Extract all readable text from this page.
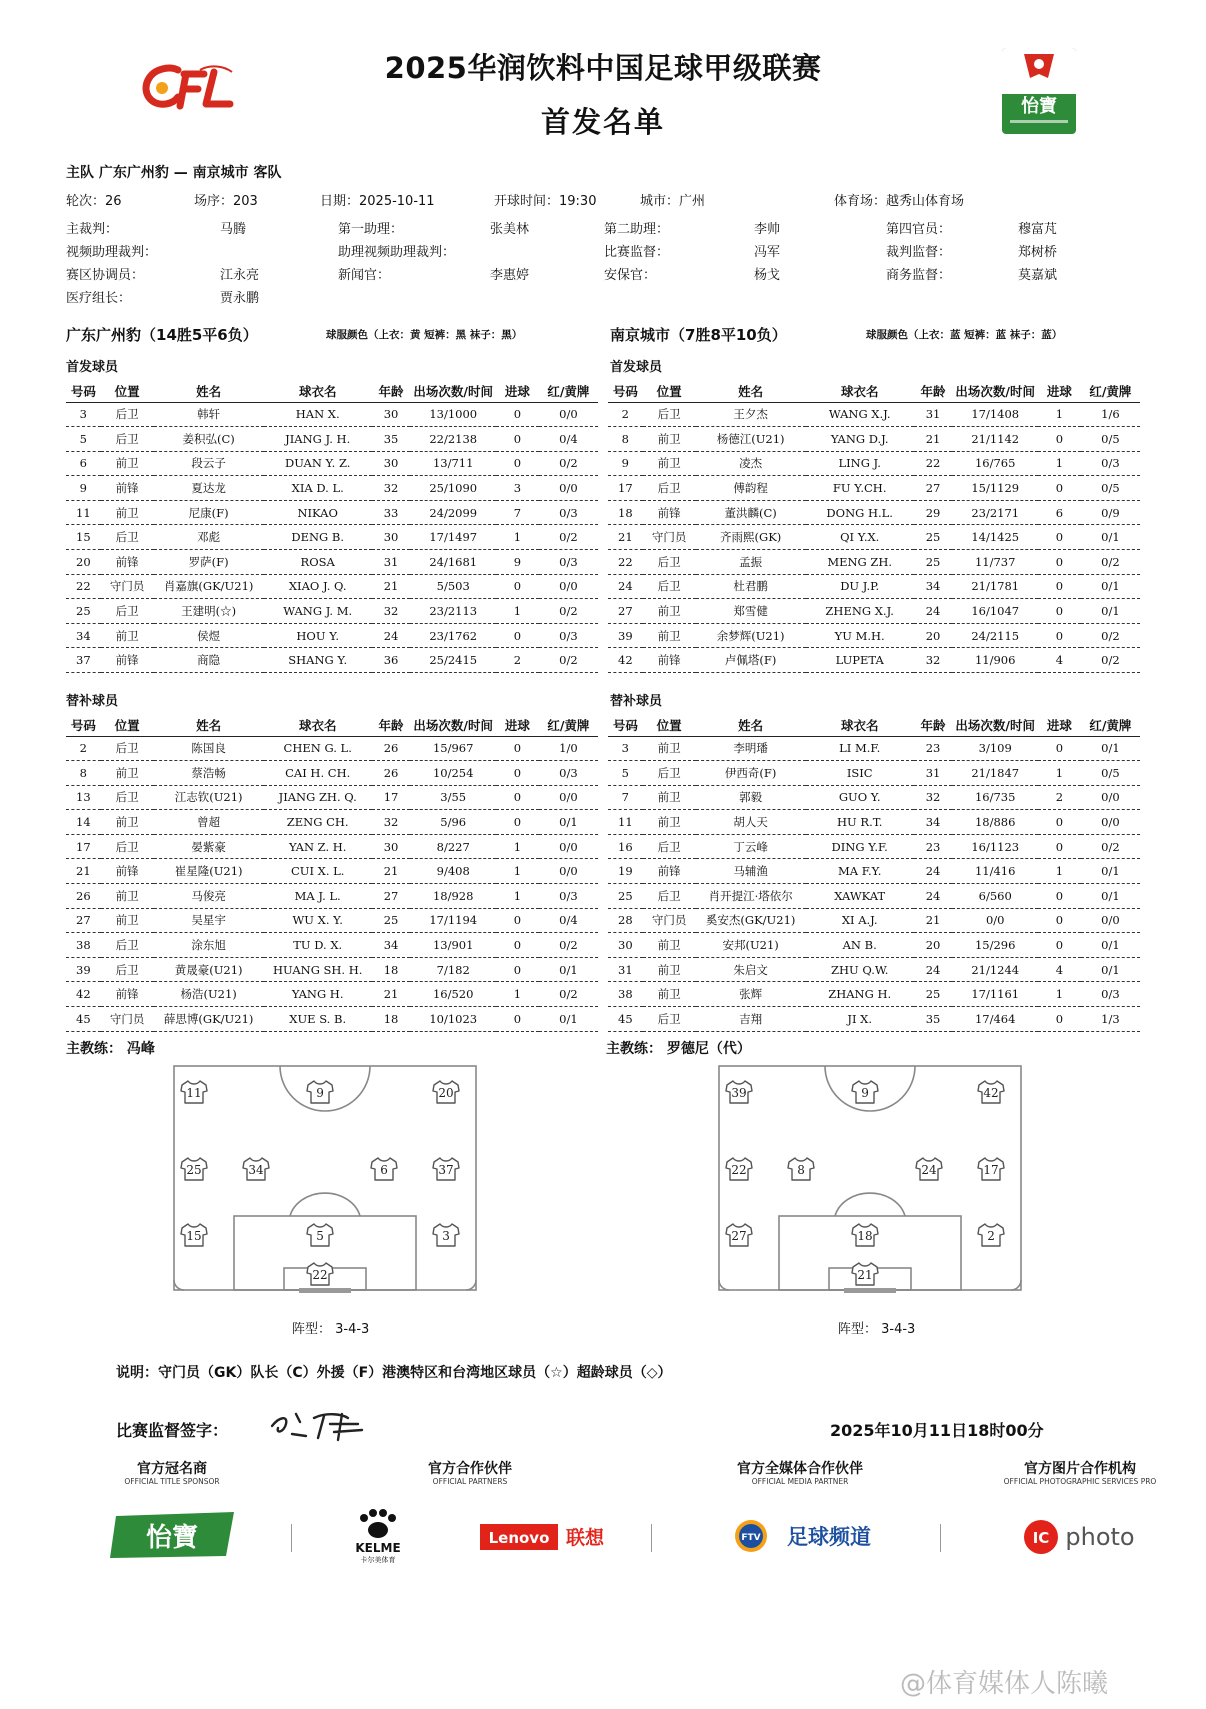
2025华润饮料中国足球甲级联赛
首发名单	怡寶
主队 广东广州豹 — 南京城市 客队
轮次：26	场序：203	日期：2025-10-11	开球时间：19:30	城市：广州	体育场：越秀山体育场
主裁判：	马腾	第一助理：	张美林	第二助理：	李帅	第四官员：	穆富芃
视频助理裁判：	助理视频助理裁判：	比赛监督：	冯军	裁判监督：	郑树桥
赛区协调员：	江永亮	新闻官：	李惠婷	安保官：	杨戈	商务监督：	莫嘉斌
医疗组长：	贾永鹏
广东广州豹（14胜5平6负）	球服颜色（上衣：黄 短裤：黑 袜子：黑）	南京城市（7胜8平10负）	球服颜色（上衣：蓝 短裤：蓝 袜子：蓝）
首发球员	首发球员
替补球员	替补球员
号码	位置	姓名	球衣名	年龄	出场次数/时间	进球	红/黄牌
3	后卫	韩轩	HAN X.	30	13/1000	0	0/0
5	后卫	姜积弘(C)	JIANG J. H.	35	22/2138	0	0/4
6	前卫	段云子	DUAN Y. Z.	30	13/711	0	0/2
9	前锋	夏达龙	XIA D. L.	32	25/1090	3	0/0
11	前卫	尼康(F)	NIKAO	33	24/2099	7	0/3
15	后卫	邓彪	DENG B.	30	17/1497	1	0/2
20	前锋	罗萨(F)	ROSA	31	24/1681	9	0/3
22	守门员	肖嘉旗(GK/U21)	XIAO J. Q.	21	5/503	0	0/0
25	后卫	王建明(☆)	WANG J. M.	32	23/2113	1	0/2
34	前卫	侯煜	HOU Y.	24	23/1762	0	0/3
37	前锋	商隐	SHANG Y.	36	25/2415	2	0/2
号码	位置	姓名	球衣名	年龄	出场次数/时间	进球	红/黄牌
2	后卫	王夕杰	WANG X.J.	31	17/1408	1	1/6
8	前卫	杨德江(U21)	YANG D.J.	21	21/1142	0	0/5
9	前卫	凌杰	LING J.	22	16/765	1	0/3
17	后卫	傅韵程	FU Y.CH.	27	15/1129	0	0/5
18	前锋	董洪麟(C)	DONG H.L.	29	23/2171	6	0/9
21	守门员	齐雨熙(GK)	QI Y.X.	25	14/1425	0	0/1
22	后卫	孟振	MENG ZH.	25	11/737	0	0/2
24	后卫	杜君鹏	DU J.P.	34	21/1781	0	0/1
27	前卫	郑雪健	ZHENG X.J.	24	16/1047	0	0/1
39	前卫	余梦辉(U21)	YU M.H.	20	24/2115	0	0/2
42	前锋	卢佩塔(F)	LUPETA	32	11/906	4	0/2
号码	位置	姓名	球衣名	年龄	出场次数/时间	进球	红/黄牌
2	后卫	陈国良	CHEN G. L.	26	15/967	0	1/0
8	前卫	蔡浩畅	CAI H. CH.	26	10/254	0	0/3
13	后卫	江志钦(U21)	JIANG ZH. Q.	17	3/55	0	0/0
14	前卫	曾超	ZENG CH.	32	5/96	0	0/1
17	后卫	晏紫豪	YAN Z. H.	30	8/227	1	0/0
21	前锋	崔星隆(U21)	CUI X. L.	21	9/408	1	0/0
26	前卫	马俊亮	MA J. L.	27	18/928	1	0/3
27	前卫	吴星宇	WU X. Y.	25	17/1194	0	0/4
38	后卫	涂东旭	TU D. X.	34	13/901	0	0/2
39	后卫	黄晟豪(U21)	HUANG SH. H.	18	7/182	0	0/1
42	前锋	杨浩(U21)	YANG H.	21	16/520	1	0/2
45	守门员	薛思博(GK/U21)	XUE S. B.	18	10/1023	0	0/1
号码	位置	姓名	球衣名	年龄	出场次数/时间	进球	红/黄牌
3	前卫	李明璠	LI M.F.	23	3/109	0	0/1
5	后卫	伊西奇(F)	ISIC	31	21/1847	1	0/5
7	前卫	郭毅	GUO Y.	32	16/735	2	0/0
11	前卫	胡人天	HU R.T.	34	18/886	0	0/0
16	后卫	丁云峰	DING Y.F.	23	16/1123	0	0/2
19	前锋	马辅渔	MA F.Y.	24	11/416	1	0/1
25	后卫	肖开提江·塔依尔	XAWKAT	24	6/560	0	0/1
28	守门员	奚安杰(GK/U21)	XI A.J.	21	0/0	0	0/0
30	前卫	安邦(U21)	AN B.	20	15/296	0	0/1
31	前卫	朱启文	ZHU Q.W.	24	21/1244	4	0/1
38	前卫	张辉	ZHANG H.	25	17/1161	1	0/3
45	后卫	吉翔	JI X.	35	17/464	0	1/3
主教练： 冯峰	主教练： 罗德尼（代）
11	9	20
25	34	6	37
15	5	3
22
39	9	42
22	8	24	17
27	18	2
21
阵型： 3-4-3	阵型： 3-4-3
说明：守门员（GK）队长（C）外援（F）港澳特区和台湾地区球员（☆）超龄球员（◇）
比赛监督签字：	2025年10月11日18时00分
官方冠名商
OFFICIAL TITLE SPONSOR
官方合作伙伴
OFFICIAL PARTNERS
官方全媒体合作伙伴
OFFICIAL MEDIA PARTNER
官方图片合作机构
OFFICIAL PHOTOGRAPHIC SERVICES PRO
怡寶	KELME
卡尔美体育
Lenovo 联想	FTV 足球频道	IC photo
@体育媒体人陈曦
